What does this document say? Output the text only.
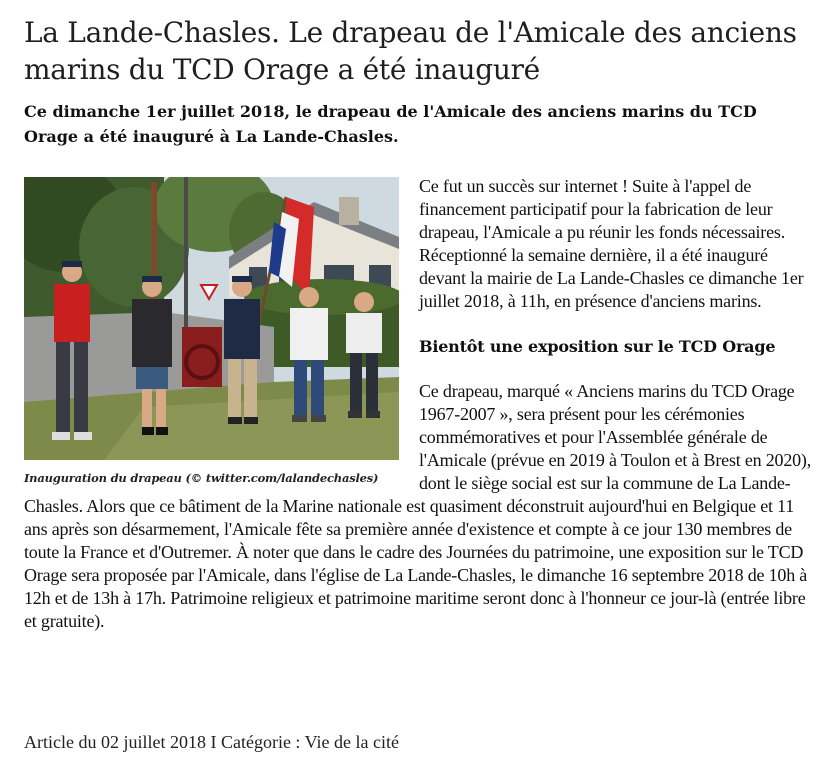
La Lande-Chasles. Le drapeau de l'Amicale des anciens marins du TCD Orage a été inauguré

Ce dimanche 1er juillet 2018, le drapeau de l'Amicale des anciens marins du TCD Orage a été inauguré à La Lande-Chasles.

Inauguration du drapeau (© twitter.com/lalandechasles)

Ce fut un succès sur internet ! Suite à l'appel de financement participatif pour la fabrication de leur drapeau, l'Amicale a pu réunir les fonds nécessaires. Réceptionné la semaine dernière, il a été inauguré devant la mairie de La Lande-Chasles ce dimanche 1er juillet 2018, à 11h, en présence d'anciens marins.

Bientôt une exposition sur le TCD Orage

Ce drapeau, marqué « Anciens marins du TCD Orage 1967-2007 », sera présent pour les cérémonies commémoratives et pour l'Assemblée générale de l'Amicale (prévue en 2019 à Toulon et à Brest en 2020), dont le siège social est sur la commune de La Lande-Chasles. Alors que ce bâtiment de la Marine nationale est quasiment déconstruit aujourd'hui en Belgique et 11 ans après son désarmement, l'Amicale fête sa première année d'existence et compte à ce jour 130 membres de toute la France et d'Outremer. À noter que dans le cadre des Journées du patrimoine, une exposition sur le TCD Orage sera proposée par l'Amicale, dans l'église de La Lande-Chasles, le dimanche 16 septembre 2018 de 10h à 12h et de 13h à 17h. Patrimoine religieux et patrimoine maritime seront donc à l'honneur ce jour-là (entrée libre et gratuite).

Article du 02 juillet 2018 I Catégorie : Vie de la cité
